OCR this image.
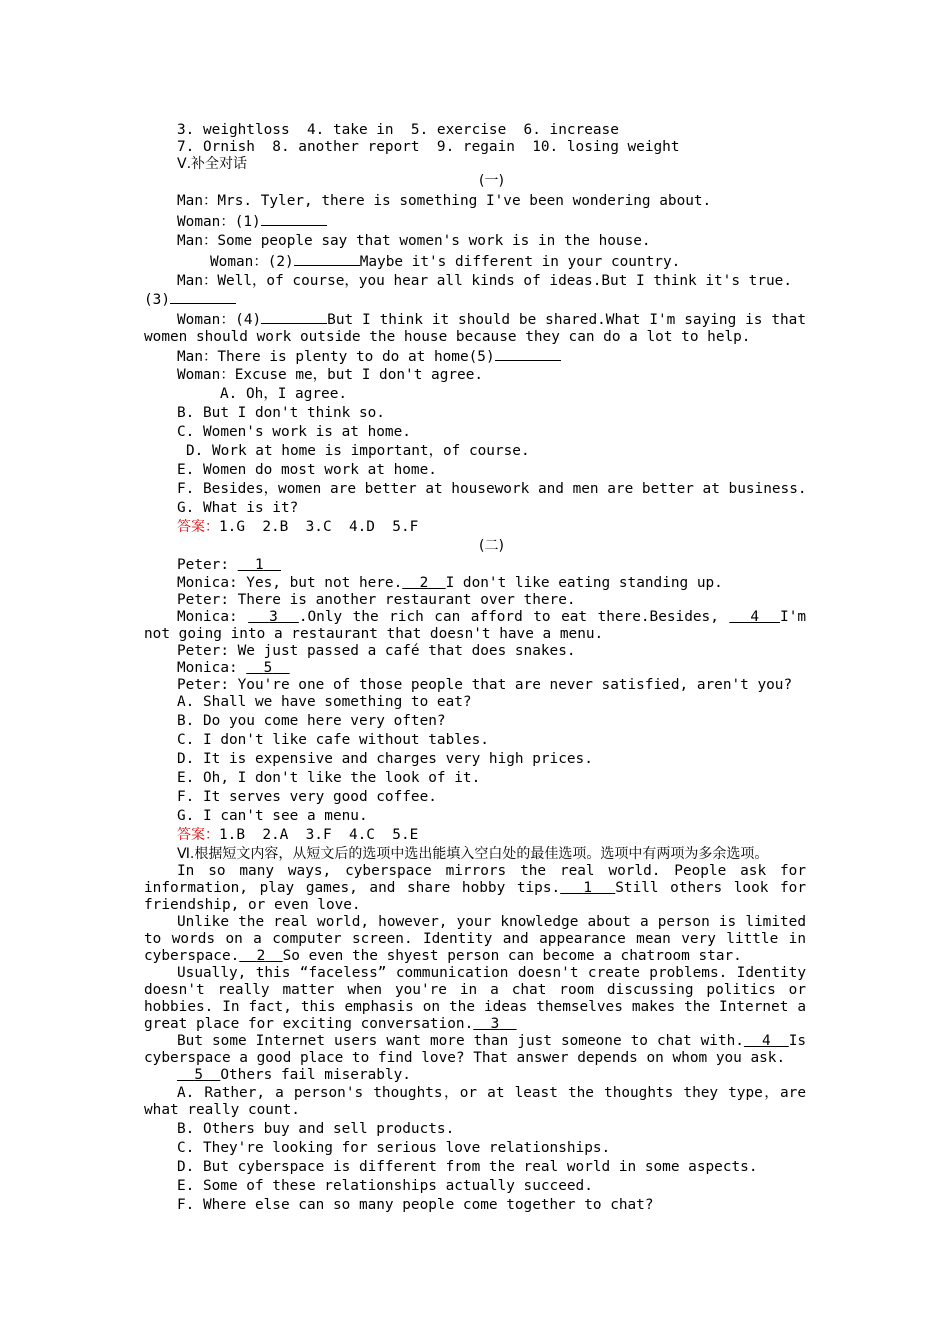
3. weightloss  4. take in  5. exercise  6. increase
7. Ornish  8. another report  9. regain  10. losing weight
Ⅴ.补全对话
(一)
Man：Mrs. Tyler, there is something I've been wondering about.
Woman：(1)
Man：Some people say that women's work is in the house.
Woman：(2)	Maybe it's different in your country.
Man：Well，of course，you hear all kinds of ideas.But I think it's true.
(3)
Woman：(4)	But I think it should be shared.What I'm saying is that women should work outside the house because they can do a lot to help.
Man：There is plenty to do at home(5)
Woman：Excuse me，but I don't agree.
A. Oh，I agree.
B. But I don't think so.
C. Women's work is at home.
D. Work at home is important，of course.
E. Women do most work at home.
F. Besides，women are better at housework and men are better at business.
G. What is it?
答案：1.G  2.B  3.C  4.D  5.F
(二)
Peter:   1
Monica: Yes, but not here. 2 I don't like eating standing up.
Peter: There is another restaurant over there.
Monica:   3 .Only the rich can afford to eat there.Besides,   4 I'm not going into a restaurant that doesn't have a menu.
Peter: We just passed a café that does snakes.
Monica:   5
Peter: You're one of those people that are never satisfied, aren't you?
A. Shall we have something to eat?
B. Do you come here very often?
C. I don't like cafe without tables.
D. It is expensive and charges very high prices.
E. Oh, I don't like the look of it.
F. It serves very good coffee.
G. I can't see a menu.
答案：1.B  2.A  3.F  4.C  5.E
Ⅵ.根据短文内容，从短文后的选项中选出能填入空白处的最佳选项。选项中有两项为多余选项。
In so many ways, cyberspace mirrors the real world. People ask for information, play games, and share hobby tips. 1 Still others look for friendship, or even love.
Unlike the real world, however, your knowledge about a person is limited to words on a computer screen. Identity and appearance mean very little in cyberspace. 2 So even the shyest person can become a chatroom star.
Usually, this “faceless” communication doesn't create problems. Identity doesn't really matter when you're in a chat room discussing politics or hobbies. In fact, this emphasis on the ideas themselves makes the Internet a great place for exciting conversation. 3
But some Internet users want more than just someone to chat with. 4 Is cyberspace a good place to find love? That answer depends on whom you ask.
5 Others fail miserably.
A. Rather, a person's thoughts，or at least the thoughts they type，are what really count.
B. Others buy and sell products.
C. They're looking for serious love relationships.
D. But cyberspace is different from the real world in some aspects.
E. Some of these relationships actually succeed.
F. Where else can so many people come together to chat?
